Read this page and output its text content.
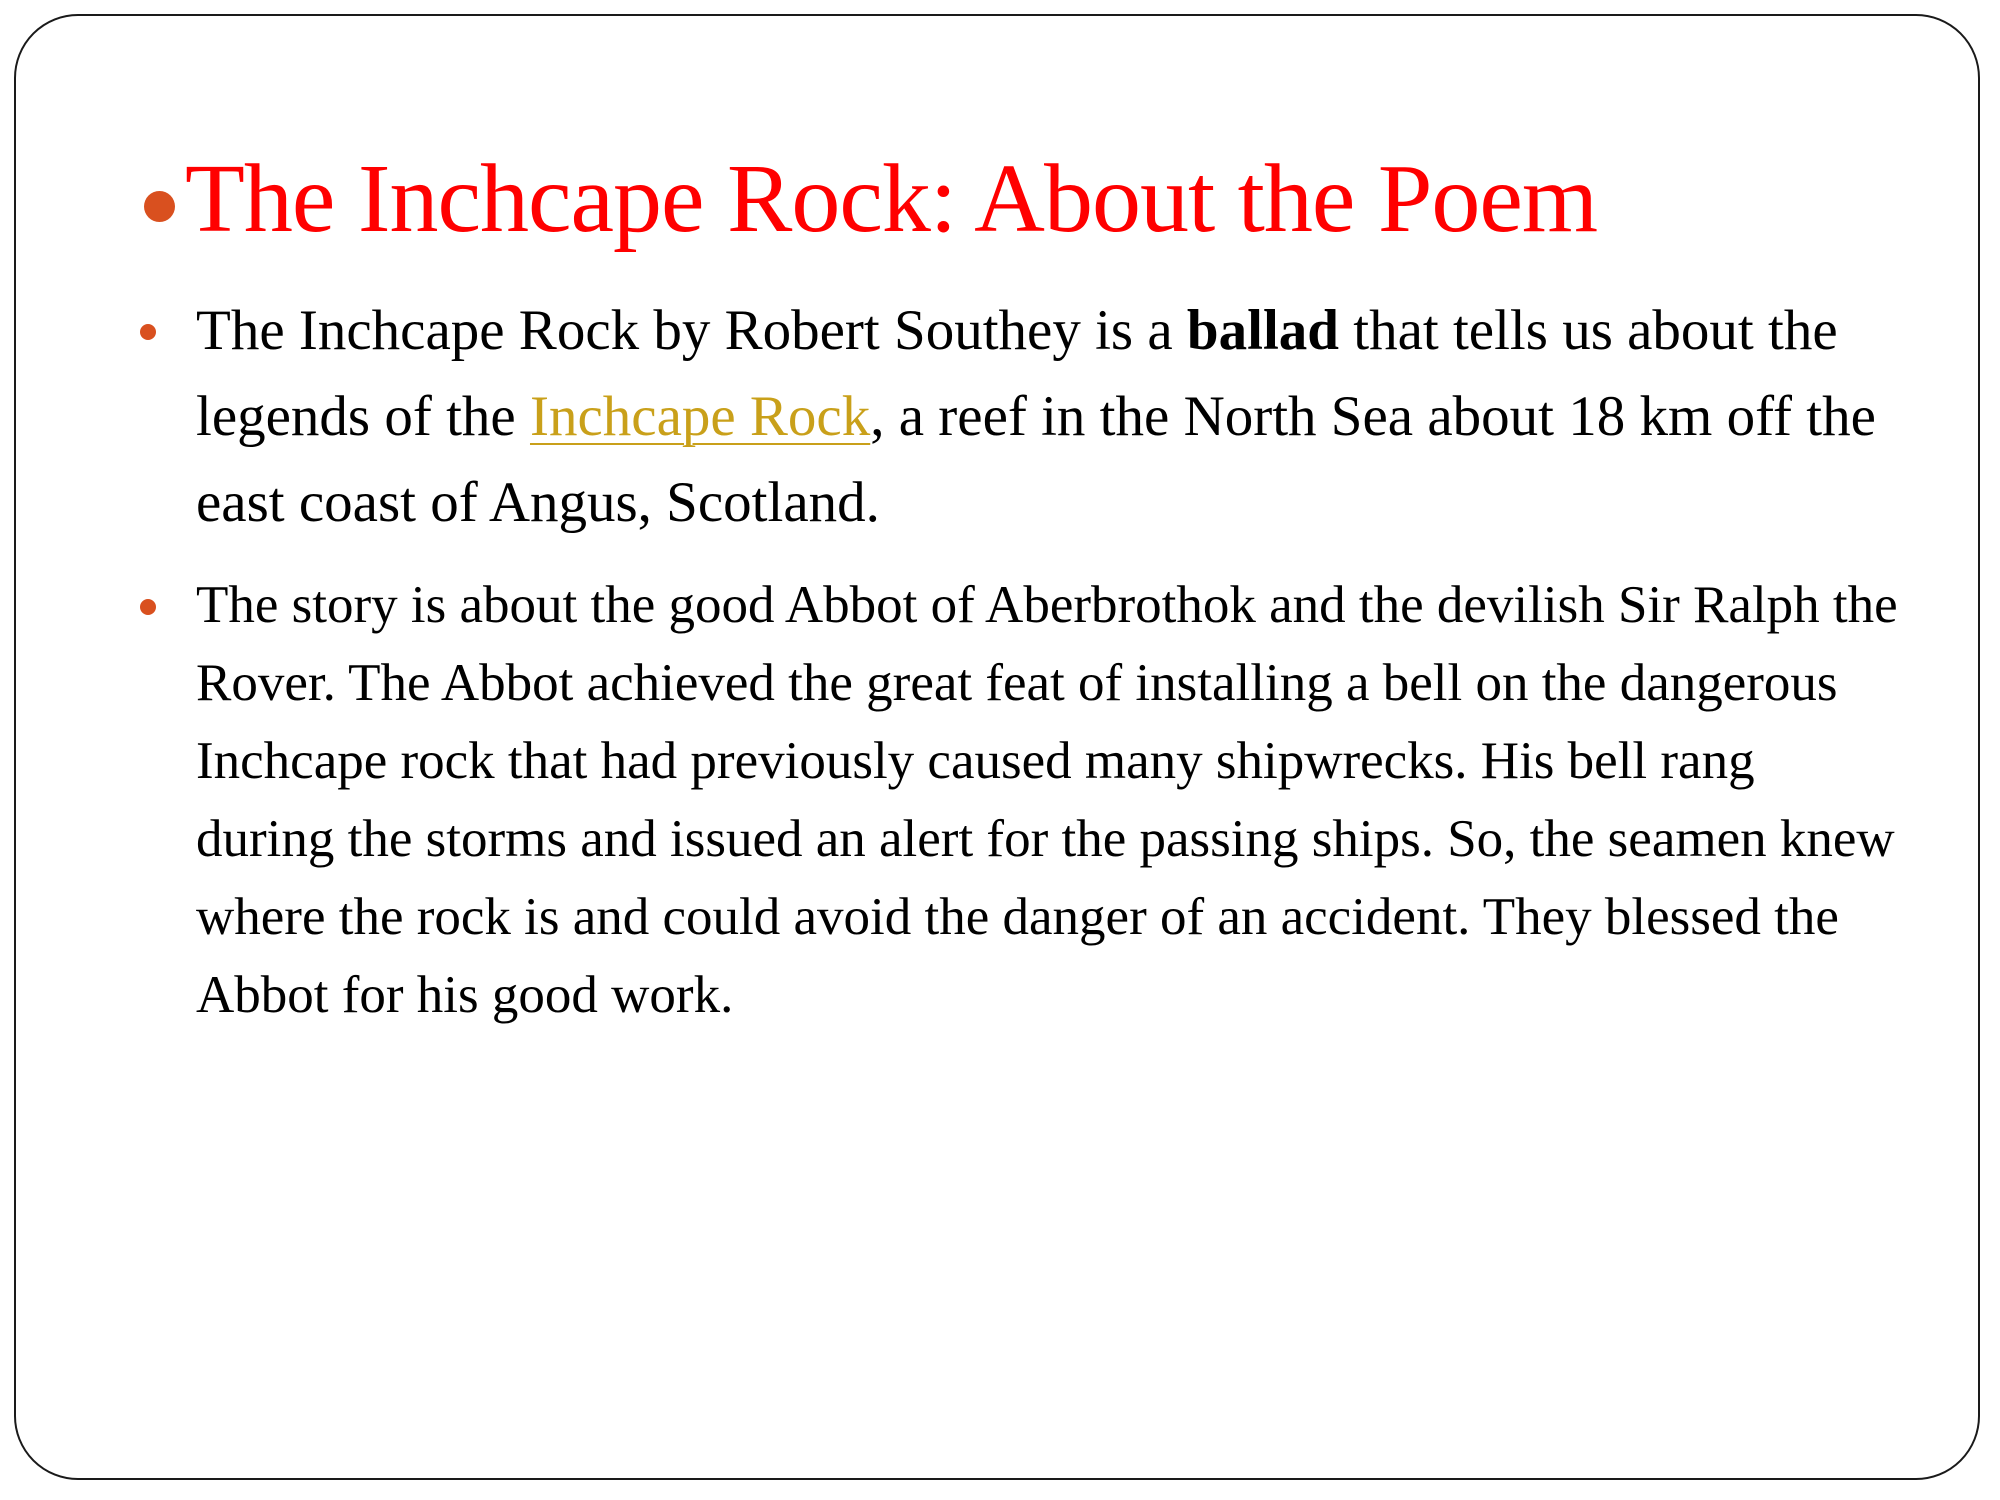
The Inchcape Rock: About the Poem
The Inchcape Rock by Robert Southey is a ballad that tells us about the legends of the Inchcape Rock, a reef in the North Sea about 18 km off the east coast of Angus, Scotland.
The story is about the good Abbot of Aberbrothok and the devilish Sir Ralph the Rover. The Abbot achieved the great feat of installing a bell on the dangerous Inchcape rock that had previously caused many shipwrecks. His bell rang during the storms and issued an alert for the passing ships. So, the seamen knew where the rock is and could avoid the danger of an accident. They blessed the Abbot for his good work.
